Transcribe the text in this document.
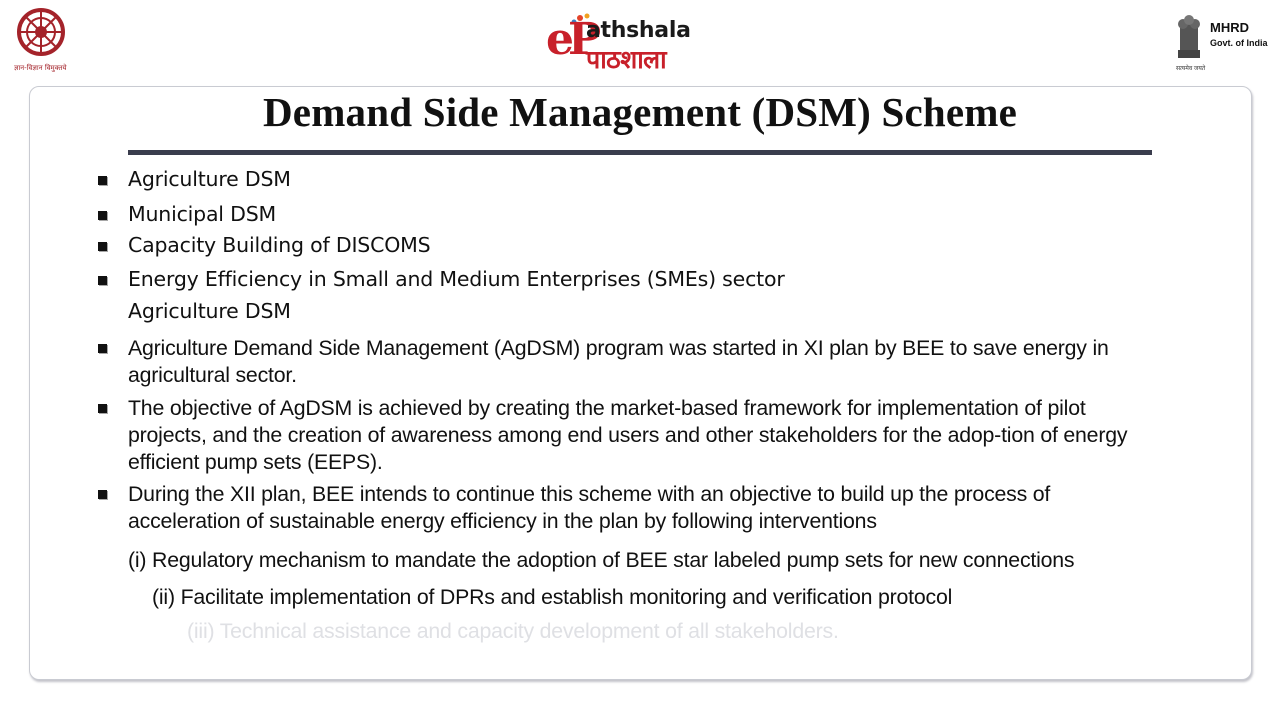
ज्ञान-विज्ञान विमुक्तये
eP
athshala
पाठशाला
MHRD
Govt. of India
सत्यमेव जयते
Demand Side Management (DSM) Scheme
Agriculture DSM
Municipal DSM
Capacity Building of DISCOMS
Energy Efficiency in Small and Medium Enterprises (SMEs) sector
Agriculture DSM
Agriculture Demand Side Management (AgDSM) program was started in XI plan by BEE to save energy in agricultural sector.
The objective of AgDSM is achieved by creating the market-based framework for implementation of pilot projects, and the creation of awareness among end users and other stakeholders for the adop-tion of energy efficient pump sets (EEPS).
During the XII plan, BEE intends to continue this scheme with an objective to build up the process of acceleration of sustainable energy efficiency in the plan by following interventions
(i) Regulatory mechanism to mandate the adoption of BEE star labeled pump sets for new connections
(ii) Facilitate implementation of DPRs and establish monitoring and verification protocol
(iii) Technical assistance and capacity development of all stakeholders.
